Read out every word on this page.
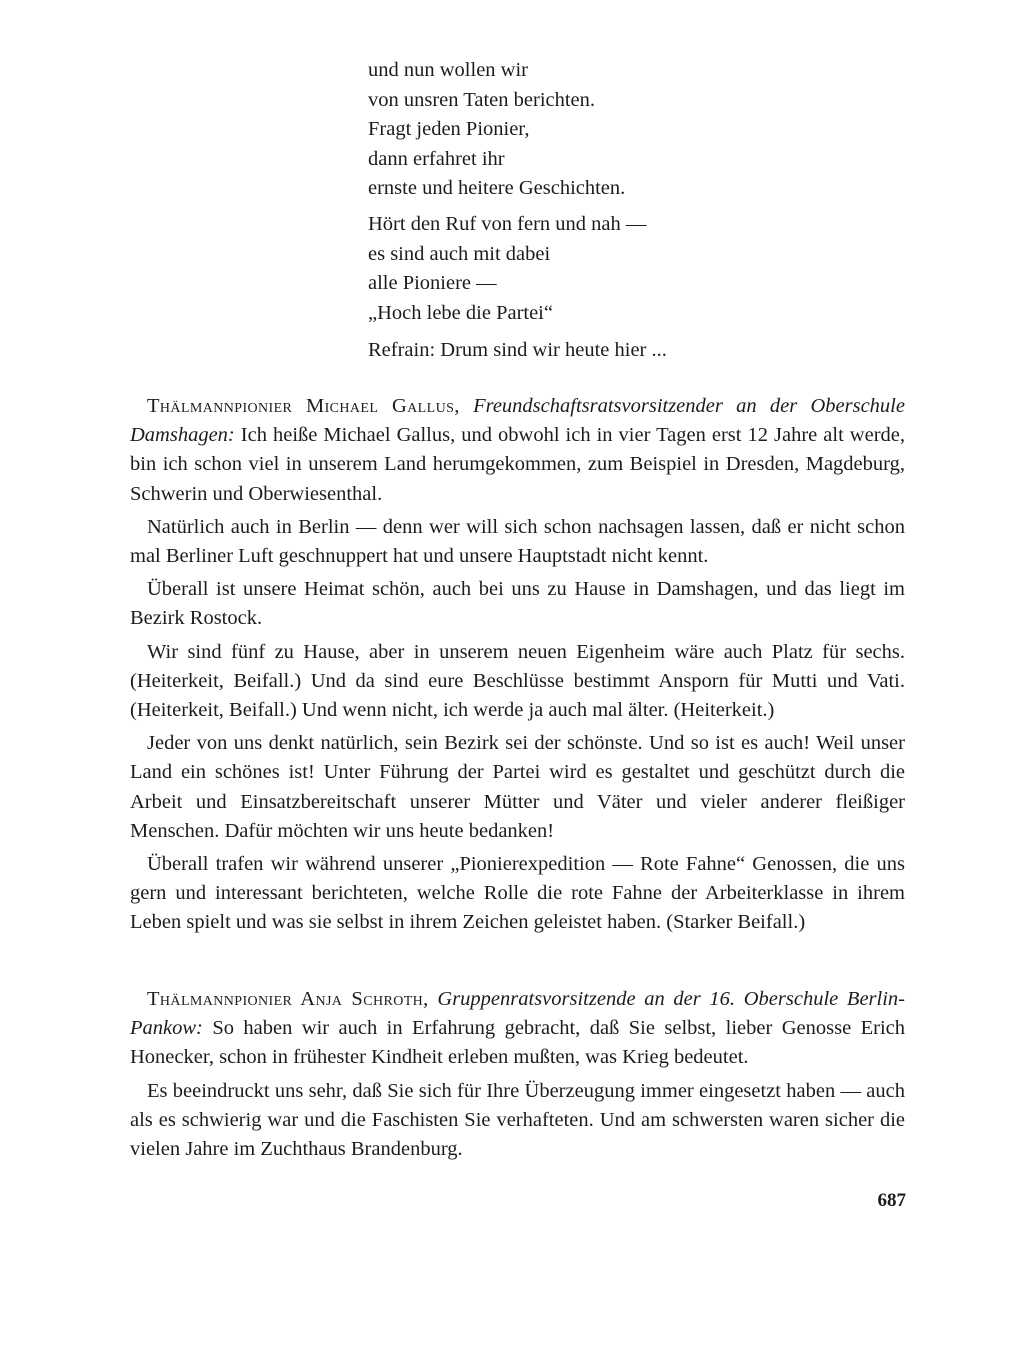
und nun wollen wir
von unsren Taten berichten.
Fragt jeden Pionier,
dann erfahret ihr
ernste und heitere Geschichten.
Hört den Ruf von fern und nah —
es sind auch mit dabei
alle Pioniere —
„Hoch lebe die Partei“
Refrain: Drum sind wir heute hier ...

Thälmannpionier Michael Gallus, Freundschaftsratsvorsitzender an der Oberschule Damshagen: Ich heiße Michael Gallus, und obwohl ich in vier Tagen erst 12 Jahre alt werde, bin ich schon viel in unserem Land herumgekommen, zum Beispiel in Dresden, Magdeburg, Schwerin und Oberwiesenthal.

Natürlich auch in Berlin — denn wer will sich schon nachsagen lassen, daß er nicht schon mal Berliner Luft geschnuppert hat und unsere Hauptstadt nicht kennt.

Überall ist unsere Heimat schön, auch bei uns zu Hause in Damshagen, und das liegt im Bezirk Rostock.

Wir sind fünf zu Hause, aber in unserem neuen Eigenheim wäre auch Platz für sechs. (Heiterkeit, Beifall.) Und da sind eure Beschlüsse bestimmt Ansporn für Mutti und Vati. (Heiterkeit, Beifall.) Und wenn nicht, ich werde ja auch mal älter. (Heiterkeit.)

Jeder von uns denkt natürlich, sein Bezirk sei der schönste. Und so ist es auch! Weil unser Land ein schönes ist! Unter Führung der Partei wird es gestaltet und geschützt durch die Arbeit und Einsatzbereitschaft unserer Mütter und Väter und vieler anderer fleißiger Menschen. Dafür möchten wir uns heute bedanken!

Überall trafen wir während unserer „Pionierexpedition — Rote Fahne“ Genossen, die uns gern und interessant berichteten, welche Rolle die rote Fahne der Arbeiterklasse in ihrem Leben spielt und was sie selbst in ihrem Zeichen geleistet haben. (Starker Beifall.)

Thälmannpionier Anja Schroth, Gruppenratsvorsitzende an der 16. Oberschule Berlin-Pankow: So haben wir auch in Erfahrung gebracht, daß Sie selbst, lieber Genosse Erich Honecker, schon in frühester Kindheit erleben mußten, was Krieg bedeutet.

Es beeindruckt uns sehr, daß Sie sich für Ihre Überzeugung immer eingesetzt haben — auch als es schwierig war und die Faschisten Sie verhafteten. Und am schwersten waren sicher die vielen Jahre im Zuchthaus Brandenburg.

687
